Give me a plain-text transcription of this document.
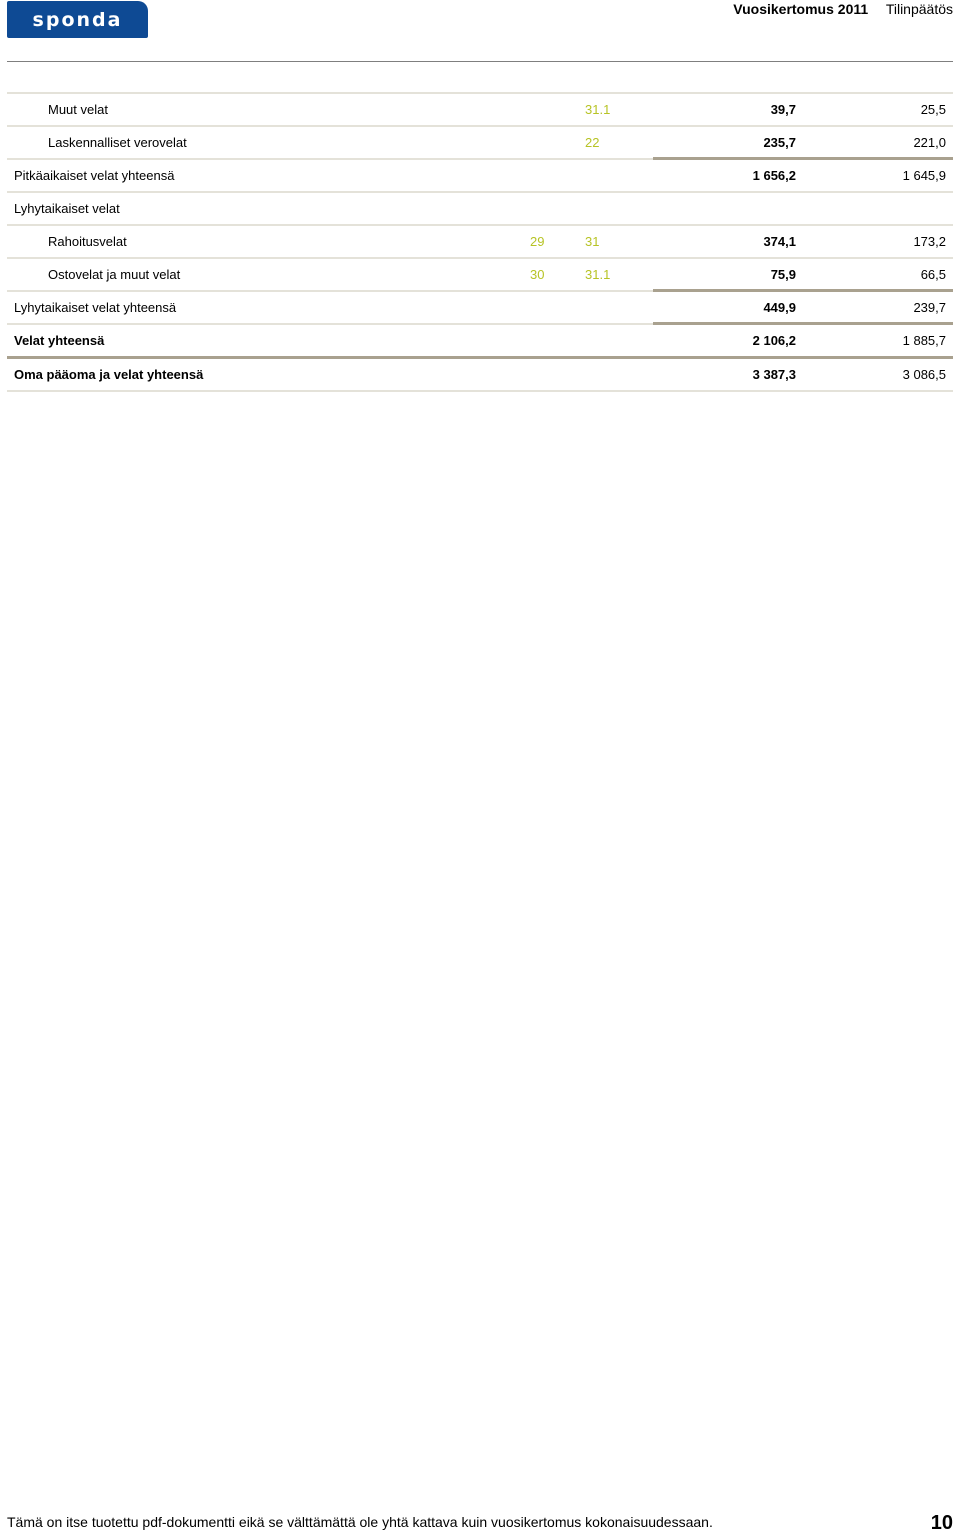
sponda	Vuosikertomus 2011 Tilinpäätös
Muut velat	31.1	39,7	25,5
Laskennalliset verovelat	22	235,7	221,0
Pitkäaikaiset velat yhteensä	1 656,2	1 645,9
Lyhytaikaiset velat
Rahoitusvelat	29	31	374,1	173,2
Ostovelat ja muut velat	30	31.1	75,9	66,5
Lyhytaikaiset velat yhteensä	449,9	239,7
Velat yhteensä	2 106,2	1 885,7
Oma pääoma ja velat yhteensä	3 387,3	3 086,5
Tämä on itse tuotettu pdf-dokumentti eikä se välttämättä ole yhtä kattava kuin vuosikertomus kokonaisuudessaan.	10
